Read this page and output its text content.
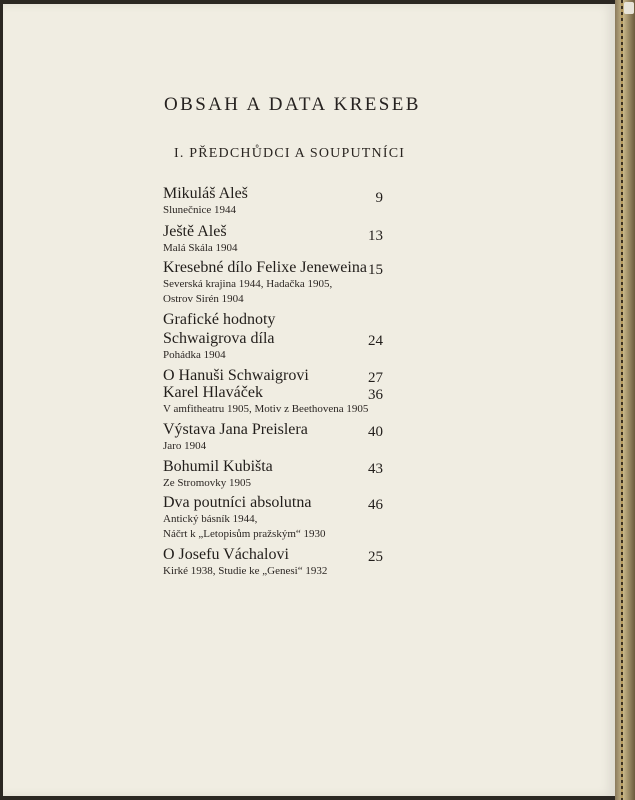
OBSAH A DATA KRESEB
I. PŘEDCHŮDCI A SOUPUTNÍCI
Mikuláš Aleš
Slunečnice 1944
9
Ještě Aleš
Malá Skála 1904
13
Kresebné dílo Felixe Jeneweina
Severská krajina 1944, Hadačka 1905,
Ostrov Sirén 1904
15
Grafické hodnoty
Schwaigrova díla
Pohádka 1904
24
O Hanuši Schwaigrovi	27
Karel Hlaváček
V amfitheatru 1905, Motiv z Beethovena 1905
36
Výstava Jana Preislera
Jaro 1904
40
Bohumil Kubišta
Ze Stromovky 1905
43
Dva poutníci absolutna
Antický básník 1944,
Náčrt k „Letopisům pražským“ 1930
46
O Josefu Váchalovi
Kirké 1938, Studie ke „Genesi“ 1932
25
